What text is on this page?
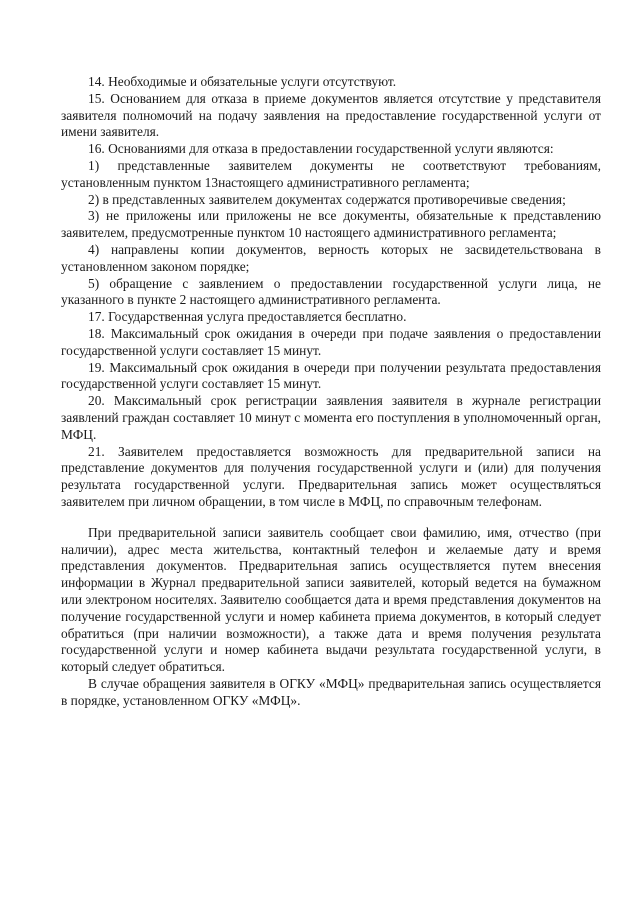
14. Необходимые и обязательные услуги отсутствуют.

15. Основанием для отказа в приеме документов является отсутствие у представителя заявителя полномочий на подачу заявления на предоставление государственной услуги от имени заявителя.

16. Основаниями для отказа в предоставлении государственной услуги являются:

1) представленные заявителем документы не соответствуют требованиям, установленным пунктом 13настоящего административного регламента;

2) в представленных заявителем документах содержатся противоречивые сведения;

3) не приложены или приложены не все документы, обязательные к представлению заявителем, предусмотренные пунктом 10 настоящего административного регламента;

4) направлены копии документов, верность которых не засвидетельствована в установленном законом порядке;

5) обращение с заявлением о предоставлении государственной услуги лица, не указанного в пункте 2 настоящего административного регламента.

17. Государственная услуга предоставляется бесплатно.

18. Максимальный срок ожидания в очереди при подаче заявления о предоставлении государственной услуги составляет 15 минут.

19. Максимальный срок ожидания в очереди при получении результата предоставления государственной услуги составляет 15 минут.

20. Максимальный срок регистрации заявления заявителя в журнале регистрации заявлений граждан составляет 10 минут с момента его поступления в уполномоченный орган, МФЦ.

21. Заявителем предоставляется возможность для предварительной записи на представление документов для получения государственной услуги и (или) для получения результата государственной услуги. Предварительная запись может осуществляться заявителем при личном обращении, в том числе в МФЦ, по справочным телефонам.

При предварительной записи заявитель сообщает свои фамилию, имя, отчество (при наличии), адрес места жительства, контактный телефон и желаемые дату и время представления документов. Предварительная запись осуществляется путем внесения информации в Журнал предварительной записи заявителей, который ведется на бумажном или электроном носителях. Заявителю сообщается дата и время представления документов на получение государственной услуги и номер кабинета приема документов, в который следует обратиться (при наличии возможности), а также дата и время получения результата государственной услуги и номер кабинета выдачи результата государственной услуги, в который следует обратиться.

В случае обращения заявителя в ОГКУ «МФЦ» предварительная запись осуществляется в порядке, установленном ОГКУ «МФЦ».
